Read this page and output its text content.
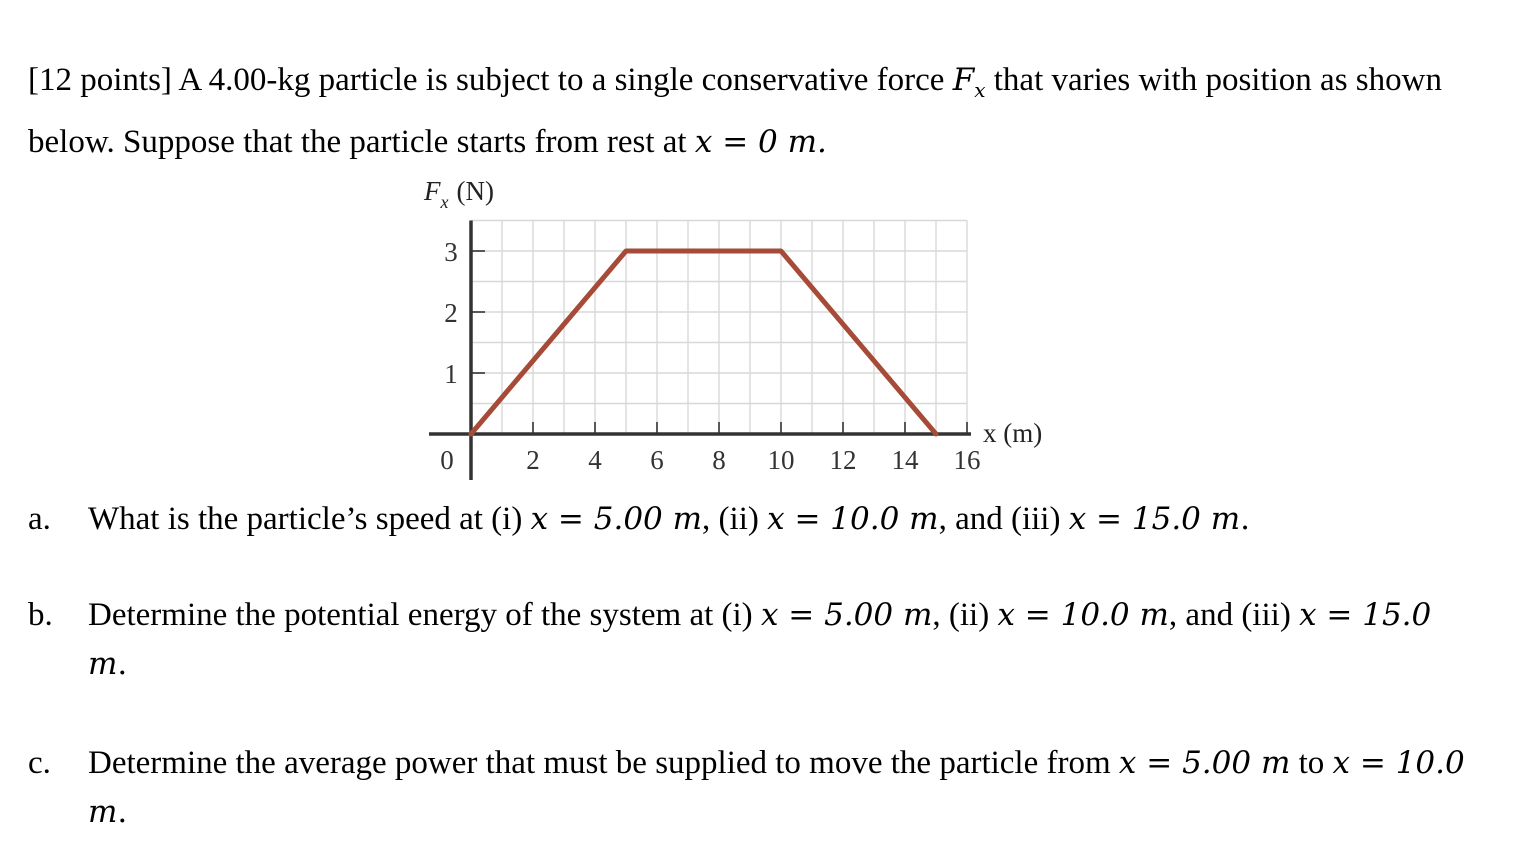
[12 points] A 4.00-kg particle is subject to a single conservative force $F_x$ that varies with position as shown below. Suppose that the particle starts from rest at x = 0 m.
0	2 4 6 8 10 12 14 16
1
2
3
$F_x$ (N)
x (m)
a. What is the particle’s speed at (i) x = 5.00 m, (ii) x = 10.0 m, and (iii) x = 15.0 m.
b. Determine the potential energy of the system at (i) x = 5.00 m, (ii) x = 10.0 m, and (iii) x = 15.0 m.
c. Determine the average power that must be supplied to move the particle from x = 5.00 m to x = 10.0 m.
